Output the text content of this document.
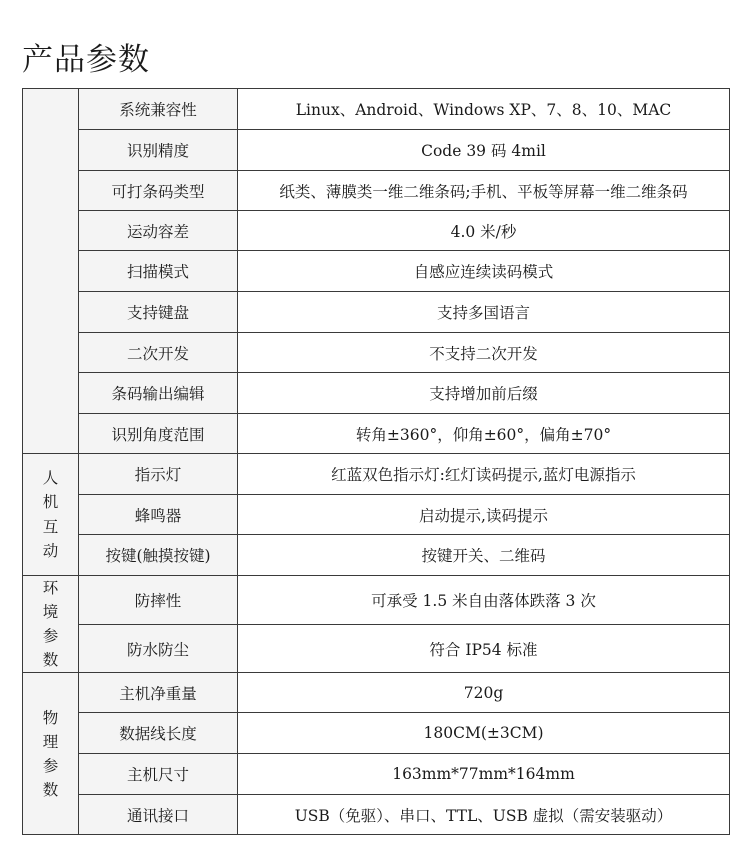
产品参数
	系统兼容性	Linux、Android、Windows XP、7、8、10、MAC
	识别精度	Code 39 码 4mil
	可打条码类型	纸类、薄膜类一维二维条码;手机、平板等屏幕一维二维条码
	运动容差	4.0 米/秒
	扫描模式	自感应连续读码模式
	支持键盘	支持多国语言
	二次开发	不支持二次开发
	条码输出编辑	支持增加前后缀
	识别角度范围	转角±360°，仰角±60°，偏角±70°
人机互动	指示灯	红蓝双色指示灯:红灯读码提示,蓝灯电源指示
	蜂鸣器	启动提示,读码提示
	按键(触摸按键)	按键开关、二维码
环境参数	防摔性	可承受 1.5 米自由落体跌落 3 次
	防水防尘	符合 IP54 标准
物理参数	主机净重量	720g
	数据线长度	180CM(±3CM)
	主机尺寸	163mm*77mm*164mm
	通讯接口	USB（免驱）、串口、TTL、USB 虚拟（需安装驱动）
